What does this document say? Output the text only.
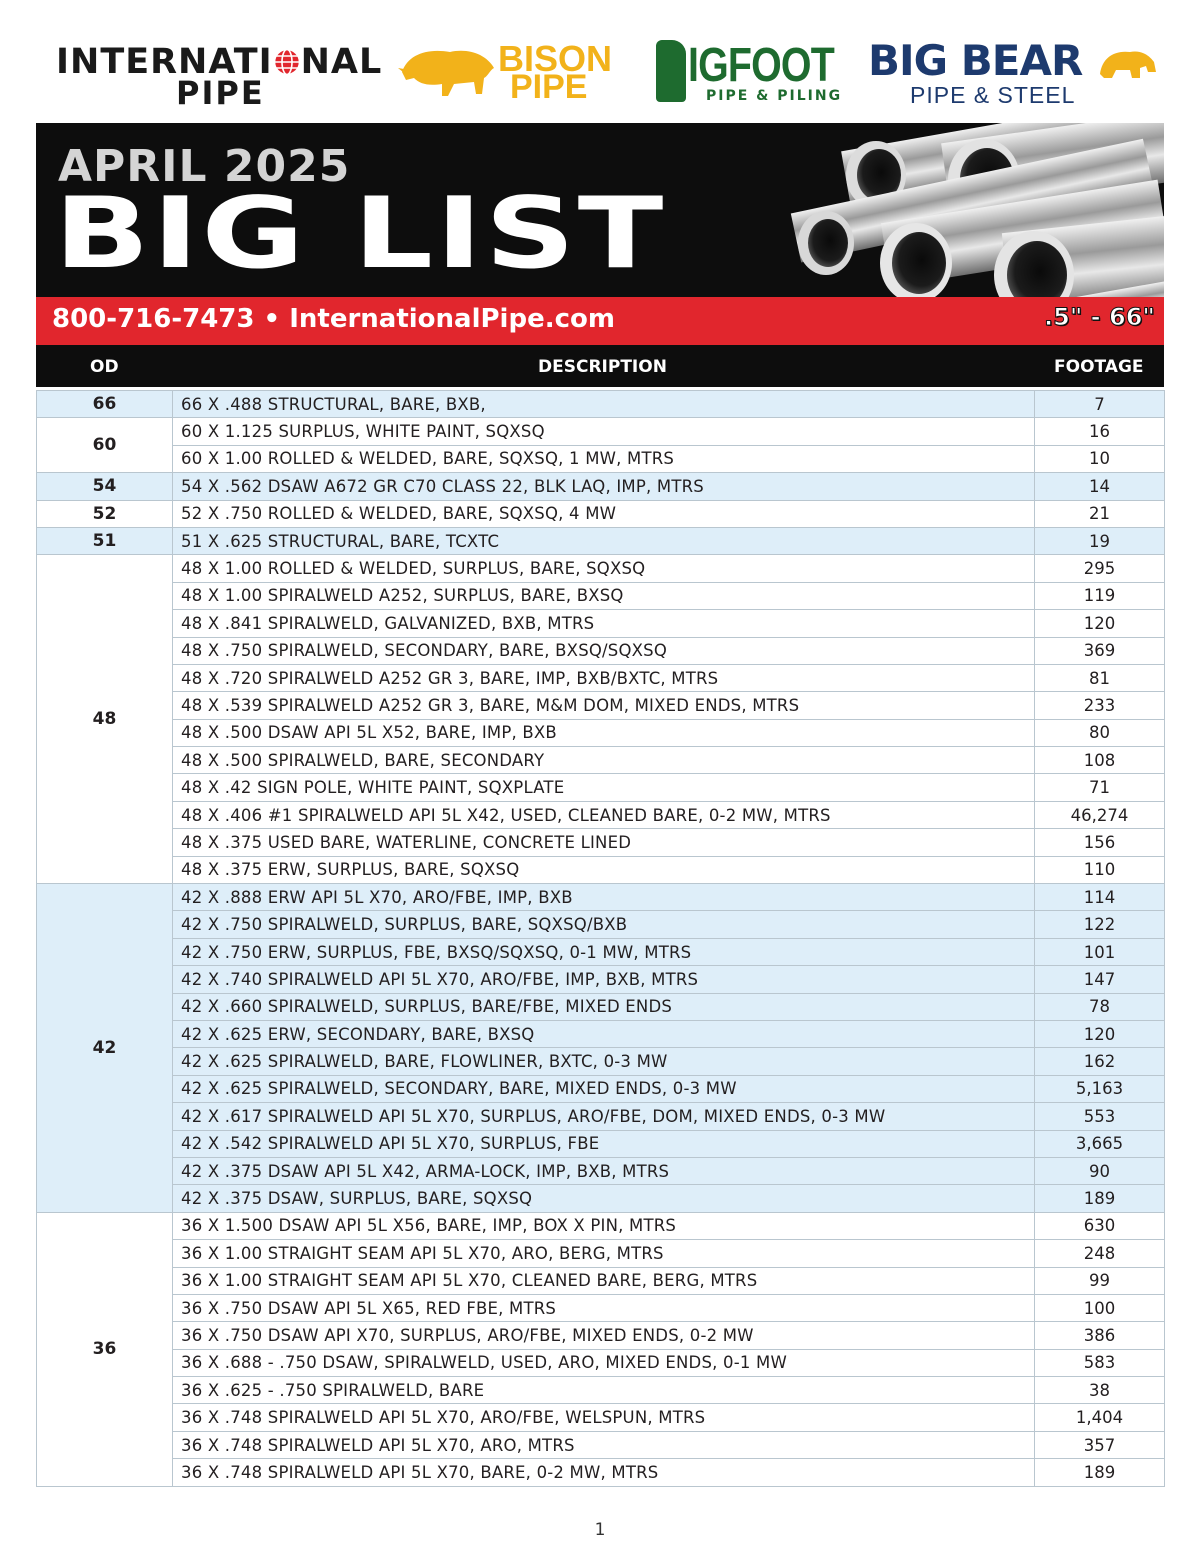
INTERNATI NAL
PIPE
BISON
PIPE IGFOOT
PIPE & PILING
BIG BEAR
PIPE & STEEL
APRIL 2025
BIG LIST
800-716-7473 • InternationalPipe.com	.5" - 66"
OD	DESCRIPTION	FOOTAGE
66	66 X .488 STRUCTURAL, BARE, BXB,	7
60	60 X 1.125 SURPLUS, WHITE PAINT, SQXSQ	16
	60 X 1.00 ROLLED & WELDED, BARE, SQXSQ, 1 MW, MTRS	10
54	54 X .562 DSAW A672 GR C70 CLASS 22, BLK LAQ, IMP, MTRS	14
52	52 X .750 ROLLED & WELDED, BARE, SQXSQ, 4 MW	21
51	51 X .625 STRUCTURAL, BARE, TCXTC	19
48	48 X 1.00 ROLLED & WELDED, SURPLUS, BARE, SQXSQ	295
	48 X 1.00 SPIRALWELD A252, SURPLUS, BARE, BXSQ	119
	48 X .841 SPIRALWELD, GALVANIZED, BXB, MTRS	120
	48 X .750 SPIRALWELD, SECONDARY, BARE, BXSQ/SQXSQ	369
	48 X .720 SPIRALWELD A252 GR 3, BARE, IMP, BXB/BXTC, MTRS	81
	48 X .539 SPIRALWELD A252 GR 3, BARE, M&M DOM, MIXED ENDS, MTRS	233
	48 X .500 DSAW API 5L X52, BARE, IMP, BXB	80
	48 X .500 SPIRALWELD, BARE, SECONDARY	108
	48 X .42 SIGN POLE, WHITE PAINT, SQXPLATE	71
	48 X .406 #1 SPIRALWELD API 5L X42, USED, CLEANED BARE, 0-2 MW, MTRS	46,274
	48 X .375 USED BARE, WATERLINE, CONCRETE LINED	156
	48 X .375 ERW, SURPLUS, BARE, SQXSQ	110
42	42 X .888 ERW API 5L X70, ARO/FBE, IMP, BXB	114
	42 X .750 SPIRALWELD, SURPLUS, BARE, SQXSQ/BXB	122
	42 X .750 ERW, SURPLUS, FBE, BXSQ/SQXSQ, 0-1 MW, MTRS	101
	42 X .740 SPIRALWELD API 5L X70, ARO/FBE, IMP, BXB, MTRS	147
	42 X .660 SPIRALWELD, SURPLUS, BARE/FBE, MIXED ENDS	78
	42 X .625 ERW, SECONDARY, BARE, BXSQ	120
	42 X .625 SPIRALWELD, BARE, FLOWLINER, BXTC, 0-3 MW	162
	42 X .625 SPIRALWELD, SECONDARY, BARE, MIXED ENDS, 0-3 MW	5,163
	42 X .617 SPIRALWELD API 5L X70, SURPLUS, ARO/FBE, DOM, MIXED ENDS, 0-3 MW	553
	42 X .542 SPIRALWELD API 5L X70, SURPLUS, FBE	3,665
	42 X .375 DSAW API 5L X42, ARMA-LOCK, IMP, BXB, MTRS	90
	42 X .375 DSAW, SURPLUS, BARE, SQXSQ	189
36	36 X 1.500 DSAW API 5L X56, BARE, IMP, BOX X PIN, MTRS	630
	36 X 1.00 STRAIGHT SEAM API 5L X70, ARO, BERG, MTRS	248
	36 X 1.00 STRAIGHT SEAM API 5L X70, CLEANED BARE, BERG, MTRS	99
	36 X .750 DSAW API 5L X65, RED FBE, MTRS	100
	36 X .750 DSAW API X70, SURPLUS, ARO/FBE, MIXED ENDS, 0-2 MW	386
	36 X .688 - .750 DSAW, SPIRALWELD, USED, ARO, MIXED ENDS, 0-1 MW	583
	36 X .625 - .750 SPIRALWELD, BARE	38
	36 X .748 SPIRALWELD API 5L X70, ARO/FBE, WELSPUN, MTRS	1,404
	36 X .748 SPIRALWELD API 5L X70, ARO, MTRS	357
	36 X .748 SPIRALWELD API 5L X70, BARE, 0-2 MW, MTRS	189
1
